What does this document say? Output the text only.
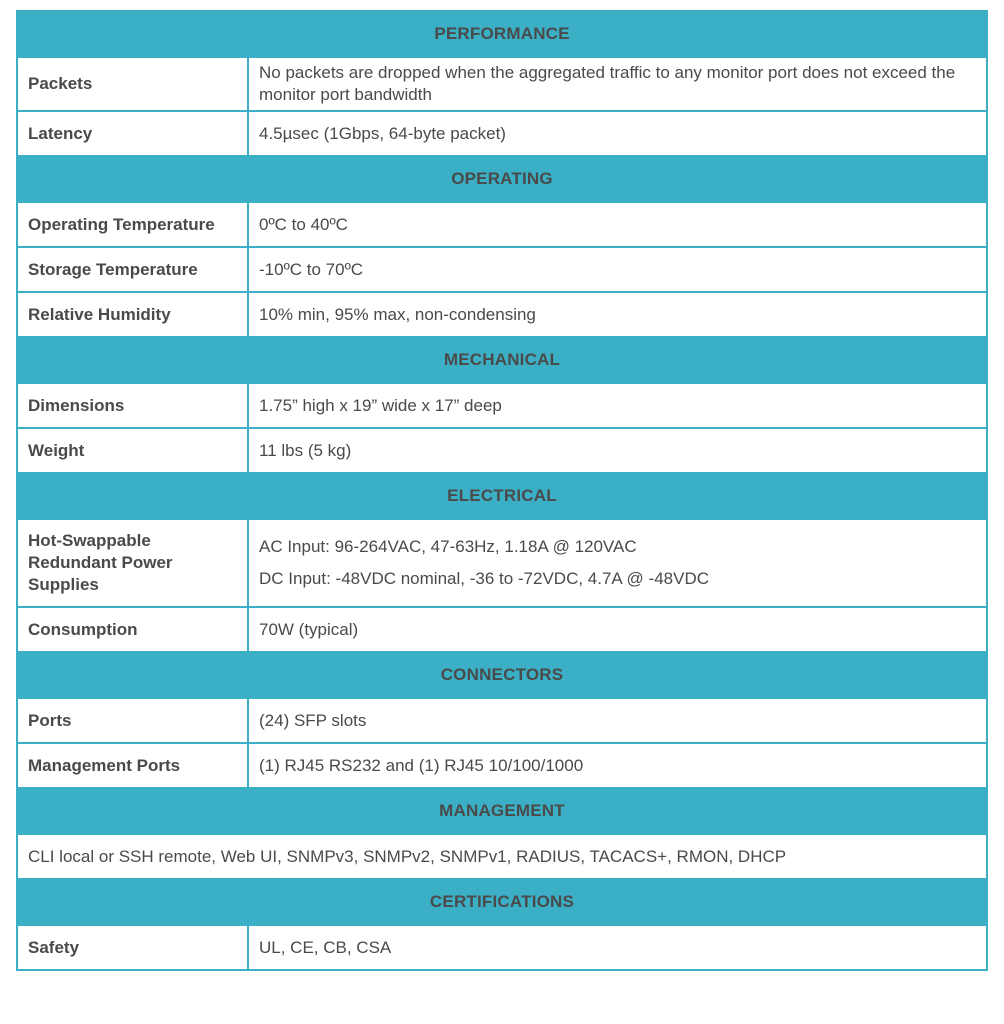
PERFORMANCE	
Packets	No packets are dropped when the aggregated traffic to any monitor port does not exceed the monitor port bandwidth
Latency	4.5µsec (1Gbps, 64-byte packet)
OPERATING	
Operating Temperature	0ºC to 40ºC
Storage Temperature	-10ºC to 70ºC
Relative Humidity	10% min, 95% max, non-condensing
MECHANICAL	
Dimensions	1.75” high x 19” wide x 17” deep
Weight	11 lbs (5 kg)
ELECTRICAL	
Hot-Swappable Redundant Power Supplies	AC Input: 96-264VAC, 47-63Hz, 1.18A @ 120VAC
DC Input: -48VDC nominal, -36 to -72VDC, 4.7A @ -48VDC

Consumption	70W (typical)
CONNECTORS	
Ports	(24) SFP slots
Management Ports	(1) RJ45 RS232 and (1) RJ45 10/100/1000
MANAGEMENT	
CLI local or SSH remote, Web UI, SNMPv3, SNMPv2, SNMPv1, RADIUS, TACACS+, RMON, DHCP	
CERTIFICATIONS	
Safety	UL, CE, CB, CSA
